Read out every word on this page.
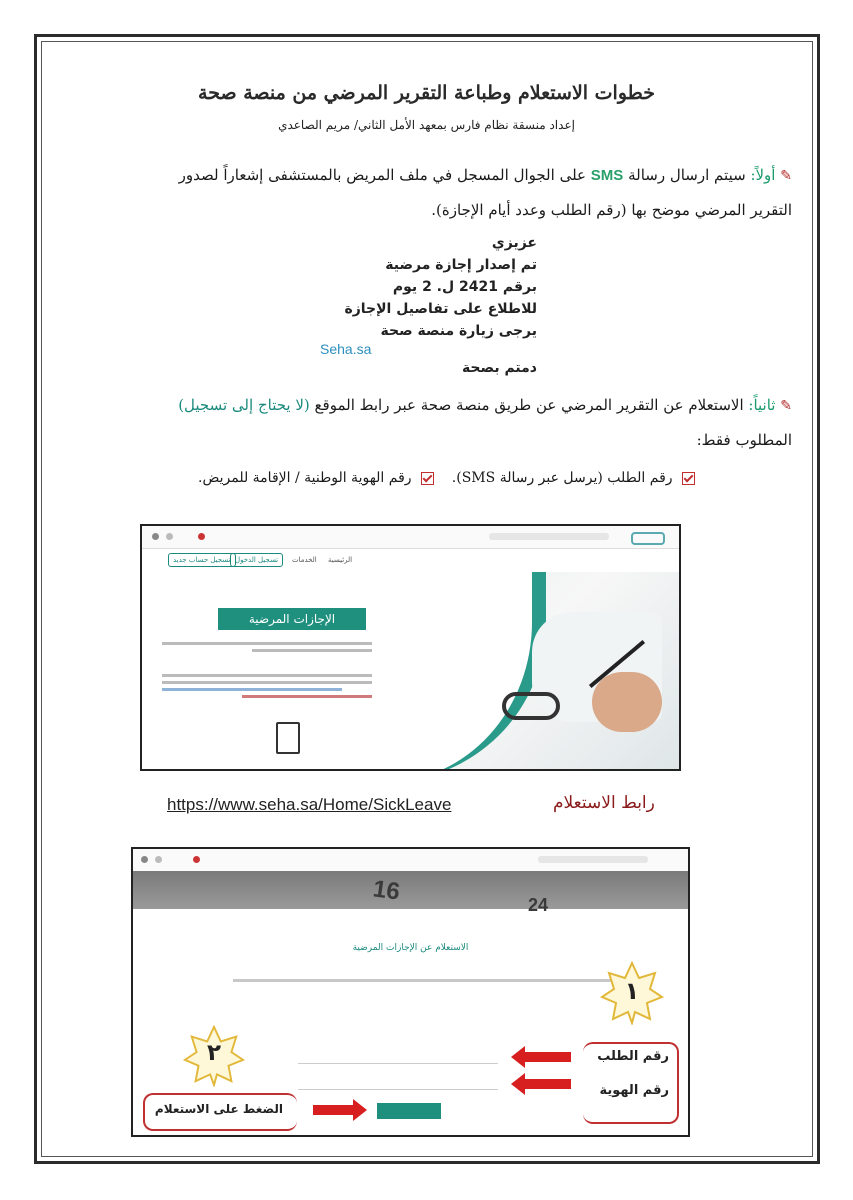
خطوات الاستعلام وطباعة التقرير المرضي من منصة صحة
إعداد منسقة نظام فارس بمعهد الأمل الثاني/ مريم الصاعدي
✎ أولاً: سيتم ارسال رسالة SMS على الجوال المسجل في ملف المريض بالمستشفى إشعاراً لصدور
التقرير المرضي موضح بها (رقم الطلب وعدد أيام الإجازة).
عزيزي
تم إصدار إجازة مرضية
برقم 2421 ل. 2 يوم
للاطلاع على تفاصيل الإجازة
يرجى زيارة منصة صحة
Seha.sa
دمتم بصحة
✎ ثانياً: الاستعلام عن التقرير المرضي عن طريق منصة صحة عبر رابط الموقع (لا يحتاج إلى تسجيل)
المطلوب فقط:
رقم الطلب (يرسل عبر رسالة SMS).     رقم الهوية الوطنية / الإقامة للمريض.
تسجيل حساب جديد تسجيل الدخول	الخدمات الرئيسية
الإجازات المرضية
رابط الاستعلام
https://www.seha.sa/Home/SickLeave
16	24
الاستعلام عن الإجازات المرضية
١
٢	رقم الطلب
رقم الهوية
الضغط على الاستعلام
